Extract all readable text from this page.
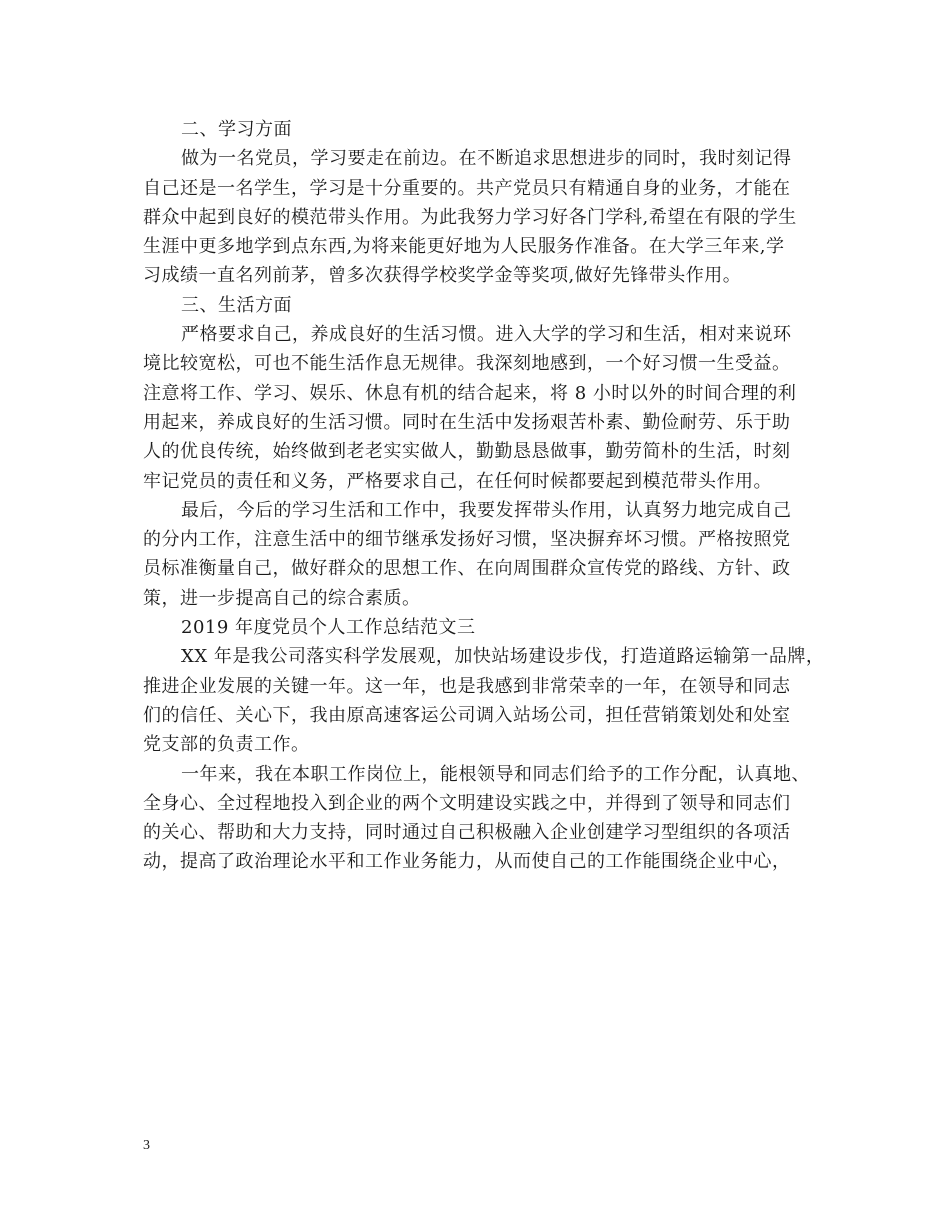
二、学习方面

做为一名党员，学习要走在前边。在不断追求思想进步的同时，我时刻记得
自己还是一名学生，学习是十分重要的。共产党员只有精通自身的业务，才能在
群众中起到良好的模范带头作用。为此我努力学习好各门学科,希望在有限的学生
生涯中更多地学到点东西,为将来能更好地为人民服务作准备。在大学三年来,学
习成绩一直名列前茅，曾多次获得学校奖学金等奖项,做好先锋带头作用。

三、生活方面

严格要求自己，养成良好的生活习惯。进入大学的学习和生活，相对来说环
境比较宽松，可也不能生活作息无规律。我深刻地感到，一个好习惯一生受益。
注意将工作、学习、娱乐、休息有机的结合起来，将 8 小时以外的时间合理的利
用起来，养成良好的生活习惯。同时在生活中发扬艰苦朴素、勤俭耐劳、乐于助
人的优良传统，始终做到老老实实做人，勤勤恳恳做事，勤劳简朴的生活，时刻
牢记党员的责任和义务，严格要求自己，在任何时候都要起到模范带头作用。

最后，今后的学习生活和工作中，我要发挥带头作用，认真努力地完成自己
的分内工作，注意生活中的细节继承发扬好习惯，坚决摒弃坏习惯。严格按照党
员标准衡量自己，做好群众的思想工作、在向周围群众宣传党的路线、方针、政
策，进一步提高自己的综合素质。

2019 年度党员个人工作总结范文三

XX 年是我公司落实科学发展观，加快站场建设步伐，打造道路运输第一品牌，
推进企业发展的关键一年。这一年，也是我感到非常荣幸的一年，在领导和同志
们的信任、关心下，我由原高速客运公司调入站场公司，担任营销策划处和处室
党支部的负责工作。

一年来，我在本职工作岗位上，能根领导和同志们给予的工作分配，认真地、
全身心、全过程地投入到企业的两个文明建设实践之中，并得到了领导和同志们
的关心、帮助和大力支持，同时通过自己积极融入企业创建学习型组织的各项活
动，提高了政治理论水平和工作业务能力，从而使自己的工作能围绕企业中心，

3
